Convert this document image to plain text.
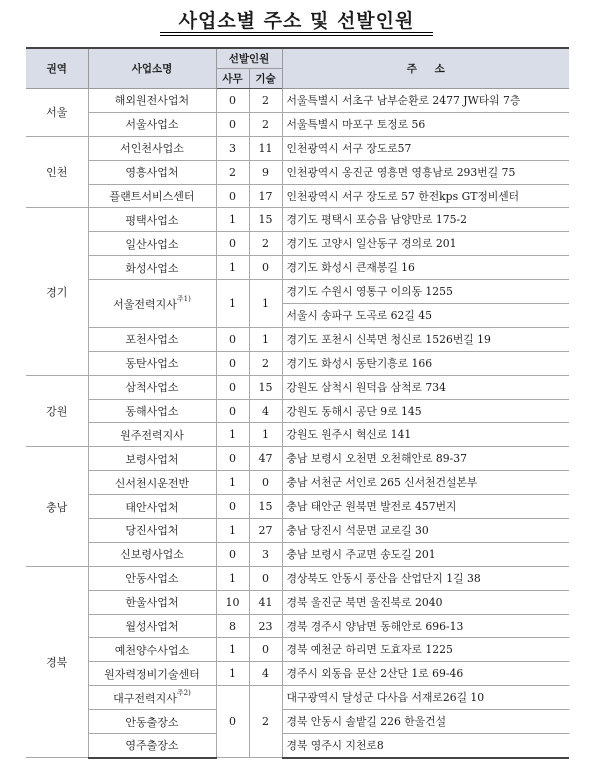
사업소별 주소 및 선발인원
권역	사업소명	선발인원		주 소
		사무	기술	
서울	해외원전사업처	0	2	서울특별시 서초구 남부순환로 2477 JW타워 7층
	서울사업소	0	2	서울특별시 마포구 토정로 56
인천	서인천사업소	3	11	인천광역시 서구 장도로57
	영흥사업처	2	9	인천광역시 옹진군 영흥면 영흥남로 293번길 75
	플랜트서비스센터	0	17	인천광역시 서구 장도로 57 한전kps GT정비센터
경기	평택사업소	1	15	경기도 평택시 포승읍 남양만로 175-2
	일산사업소	0	2	경기도 고양시 일산동구 경의로 201
	화성사업소	1	0	경기도 화성시 큰재봉길 16
	서울전력지사$^{주1)}$	1	1	경기도 수원시 영통구 이의동 1255
				서울시 송파구 도곡로 62길 45
	포천사업소	0	1	경기도 포천시 신북면 청신로 1526번길 19
	동탄사업소	0	2	경기도 화성시 동탄기흥로 166
강원	삼척사업소	0	15	강원도 삼척시 원덕읍 삼척로 734
	동해사업소	0	4	강원도 동해시 공단 9로 145
	원주전력지사	1	1	강원도 원주시 혁신로 141
충남	보령사업처	0	47	충남 보령시 오천면 오천해안로 89-37
	신서천시운전반	1	0	충남 서천군 서인로 265 신서천건설본부
	태안사업처	0	15	충남 태안군 원북면 발전로 457번지
	당진사업처	1	27	충남 당진시 석문면 교로길 30
	신보령사업소	0	3	충남 보령시 주교면 송도길 201
경북	안동사업소	1	0	경상북도 안동시 풍산읍 산업단지 1길 38
	한울사업처	10	41	경북 울진군 북면 울진북로 2040
	월성사업처	8	23	경북 경주시 양남면 동해안로 696-13
	예천양수사업소	1	0	경북 예천군 하리면 도효자로 1225
	원자력정비기술센터	1	4	경주시 외동읍 문산 2산단 1로 69-46
	대구전력지사$^{주2)}$	0	2	대구광역시 달성군 다사읍 서재로26길 10
	안동출장소			경북 안동시 솔밭길 226 한울건설
	영주출장소			경북 영주시 지천로8
